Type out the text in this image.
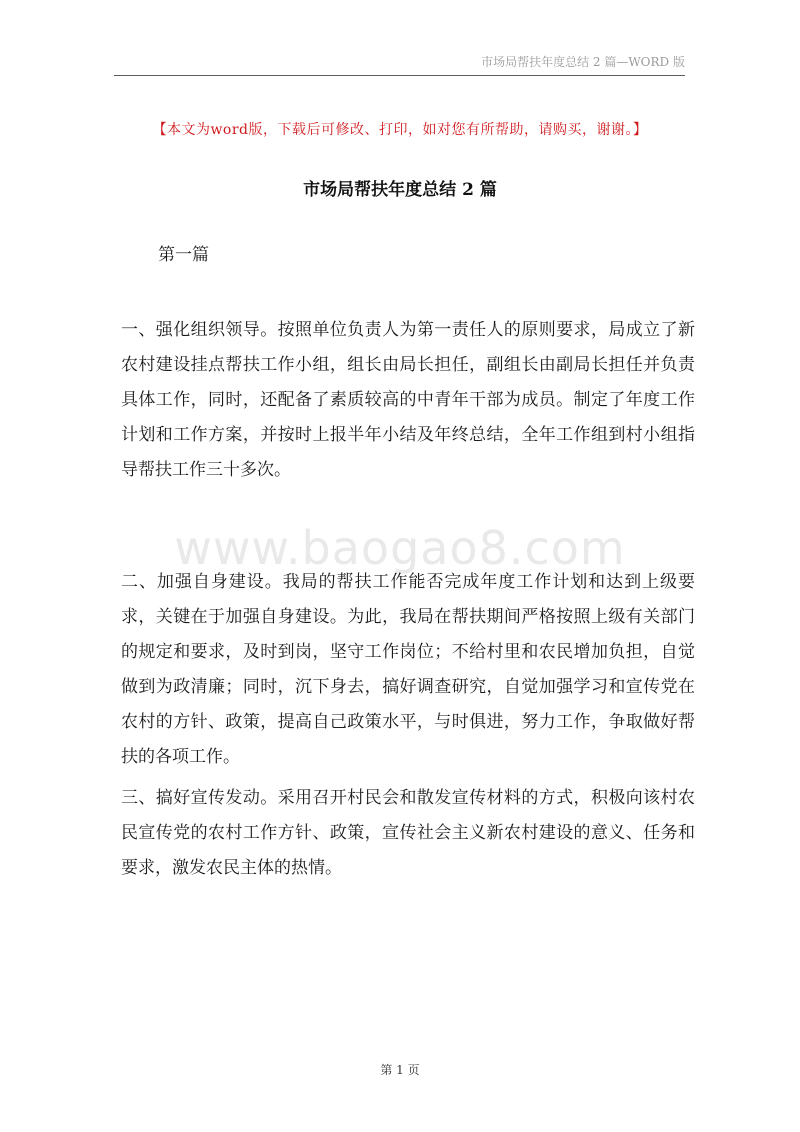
市场局帮扶年度总结 2 篇—WORD 版
【本文为word版，下载后可修改、打印，如对您有所帮助，请购买，谢谢。】
市场局帮扶年度总结 2 篇
第一篇

一、强化组织领导。按照单位负责人为第一责任人的原则要求，局成立了新农村建设挂点帮扶工作小组，组长由局长担任，副组长由副局长担任并负责具体工作，同时，还配备了素质较高的中青年干部为成员。制定了年度工作计划和工作方案，并按时上报半年小结及年终总结，全年工作组到村小组指导帮扶工作三十多次。

www.baogao8.com

二、加强自身建设。我局的帮扶工作能否完成年度工作计划和达到上级要求，关键在于加强自身建设。为此，我局在帮扶期间严格按照上级有关部门的规定和要求，及时到岗，坚守工作岗位；不给村里和农民增加负担，自觉做到为政清廉；同时，沉下身去，搞好调查研究，自觉加强学习和宣传党在农村的方针、政策，提高自己政策水平，与时俱进，努力工作，争取做好帮扶的各项工作。

三、搞好宣传发动。采用召开村民会和散发宣传材料的方式，积极向该村农民宣传党的农村工作方针、政策，宣传社会主义新农村建设的意义、任务和要求，激发农民主体的热情。

第 1 页
